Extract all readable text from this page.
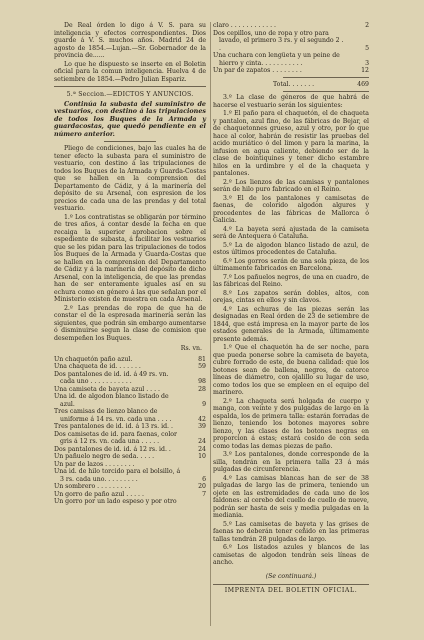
De Real órden lo digo á V. S. para su inteligencia y efectos correspondientes. Dios guarde á V. S. muchos años. Madrid 24 de agosto de 1854.—Lujan.—Sr. Gobernador de la provincia de......

Lo que he dispuesto se inserte en el Boletin oficial para la comun inteligencia. Huelva 4 de setiembre de 1854.—Pedro Julian Espariz.

5.ª Seccion.—EDICTOS Y ANUNCIOS.

Continúa la subasta del suministro de vestuarios, con destino á las tripulaciones de todos los Buques de la Armada y guardacostas, que quedó pendiente en el número anterior.

Pliego de condiciones, bajo las cuales ha de tener efecto la subasta para el suministro de vestuario, con destino á las tripulaciones de todos los Buques de la Armada y Guarda-Costas que se hallen en la comprension del Departamento de Cádiz, y á la marinería del depósito de su Arsenal, con espresion de los precios de cada una de las prendas y del total vestuario.

1.º Los contratistas se obligarán por término de tres años, á contar desde la fecha en que recaiga la superior aprobacion sobre el espediente de subasta, á facilitar los vestuarios que se les pidan para las tripulaciones de todos los Buques de la Armada y Guarda-Costas que se hallen en la comprension del Departamento de Cádiz y á la marinería del depósito de dicho Arsenal, con la inteligencia, de que las prendas han de ser enteramente iguales así en su echura como en género á las que señalan por el Ministerio existen de muestra en cada Arsenal.

2.º Las prendas de ropa de que ha de constar el de la espresada marinería serán las siguientes, que podrán sin embargo aumentarse ó disminuirse segun la clase de comision que desempeñen los Buques.

Rs. vn.

Un chaquetón paño azul.	81
Una chaqueta de id. . . . . . .	59
Dos pantalones de id. id. á 49 rs. vn. cada uno . . . . . . . . . . .	98
Una camiseta de bayeta azul . . . .	28
Una id. de algodon blanco listado de azul.	9
Tres camisas de lienzo blanco de uniforme á 14 rs. vn. cada una . . . .	42
Tres pantalones de id. id. á 13 rs. id. .	39
Dos camisetas de id. para faenas, color gris á 12 rs. vn. cada una . . . . .	24
Dos pantalones de id. id. á 12 rs. id. .	24
Un pañuelo negro de seda. . . . .	10
Un par de lazos . . . . . . . .
Una id. de hilo torcido para el bolsillo, á 3 rs. cada uno. . . . . . . . .	6
Un sombrero . . . . . . . . .	20
Un gorro de paño azul . . . . .	7
Un gorro por un lado espeso y por otro
claro . . . . . . . . . . . .	2
Dos cepillos, uno de ropa y otro para lavado, el primero 3 rs. y el segundo 2 . .	5
Una cuchara con lengüeta y un peine de hierro y cinta. . . . . . . . . . .	3
Un par de zapatos . . . . . . . .	12
Total. . . . . . .	469

3.º La clase de géneros de que habrá de hacerse el vestuario serán los siguientes:

1.º El paño para el chaquetón, el de chaqueta y pantalon, azul fino, de las fábricas de Bejar, el de chaquetonnes grueso, azul y otro, por lo que hace al color, habrán de resistir las pruebas del acido muriático ó del limon y para la marina, la infusion en agua caliente, debiendo ser de la clase de bointiquines y tener dicho estambre hilos en la urdimbre y el de la chaqueta y pantalones.

2.º Los lienzos de las camisas y pantalones serán de hilo puro fabricado en el Reino.

3.º El de los pantalones y camisetas de faenas, de colorido algodon algures y procedentes de las fábricas de Mallorca ó Galicia.

4.º La bayeta será ajustada de la camiseta será de Antequera ó Cataluña.

5.º La de algodon blanco listado de azul, de estos últimos procedentes de Cataluña.

6.º Los gorros serán de una sola pieza, de los últimamente fabricados en Barcelona.

7.º Los pañuelos negros, de una en cuadro, de las fábricas del Reino.

8.º Los zapatos serán dobles, altos, con orejas, cintas en ellos y sin clavos.

4.º Las echuras de las piezas serán las designadas en Real órden de 23 de setiembre de 1844, que está impresa en la mayor parte de los estados generales de la Armada, últimamente presente además.

1.º Que el chaquetón ha de ser noche, para que pueda ponerse sobre la camiseta de bayeta, cubre forrado de este, de buena calidad: que los botones sean de ballena, negros, de catorce líneas de diámetro, con ojalillo su lugar de uso, como todos los que se empleen en el equipo del marinero.

2.º La chaqueta será holgada de cuerpo y manga, con veinte y dos pulgadas de largo en la espalda, los de primera talla: estarán forradas de lienzo, teniendo los botones mayores sobre lienzo, y las clases de los botones negras en proporcion á estas; estará cosido de con seda como todas las demas piezas de paño.

3.º Los pantalones, donde corresponde de la silla, tendrán en la primera talla 23 á más pulgadas de circunferencia.

4.º Las camisas blancas han de ser de 38 pulgadas de largo las de primera, teniendo un ojete en las estremidades de cada uno de los faldones: al cerebo del cuello de cuello de nueve, podrán ser hasta de seis y media pulgadas en la mediania.

5.º Las camisetas de bayeta y las grises de faenas no deberán tener ceñido en las primeras tallas tendrán 28 pulgadas de largo.

6.º Los listados azules y blancos de las camisetas de algodon tendrán seis líneas de ancho.

(Se continuará.)

IMPRENTA DEL BOLETIN OFICIAL.
